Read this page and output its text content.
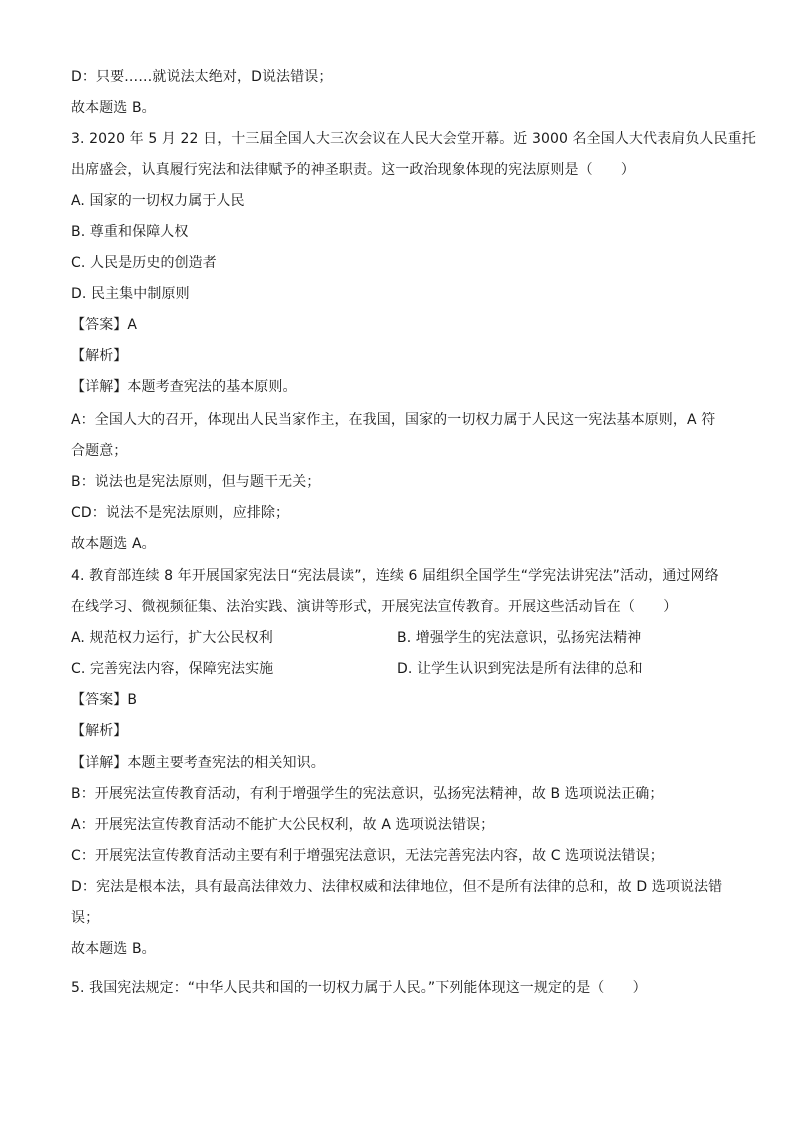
D：只要……就说法太绝对，D说法错误；
故本题选 B。
3. 2020 年 5 月 22 日，十三届全国人大三次会议在人民大会堂开幕。近 3000 名全国人大代表肩负人民重托
出席盛会，认真履行宪法和法律赋予的神圣职责。这一政治现象体现的宪法原则是（　　）
A. 国家的一切权力属于人民
B. 尊重和保障人权
C. 人民是历史的创造者
D. 民主集中制原则
【答案】A
【解析】
【详解】本题考查宪法的基本原则。
A：全国人大的召开，体现出人民当家作主，在我国，国家的一切权力属于人民这一宪法基本原则，A 符
合题意；
B：说法也是宪法原则，但与题干无关；
CD：说法不是宪法原则，应排除；
故本题选 A。
4. 教育部连续 8 年开展国家宪法日“宪法晨读”，连续 6 届组织全国学生“学宪法讲宪法”活动，通过网络
在线学习、微视频征集、法治实践、演讲等形式，开展宪法宣传教育。开展这些活动旨在（　　）
A. 规范权力运行，扩大公民权利	B. 增强学生的宪法意识，弘扬宪法精神
C. 完善宪法内容，保障宪法实施	D. 让学生认识到宪法是所有法律的总和
【答案】B
【解析】
【详解】本题主要考查宪法的相关知识。
B：开展宪法宣传教育活动，有利于增强学生的宪法意识，弘扬宪法精神，故 B 选项说法正确；
A：开展宪法宣传教育活动不能扩大公民权利，故 A 选项说法错误；
C：开展宪法宣传教育活动主要有利于增强宪法意识，无法完善宪法内容，故 C 选项说法错误；
D：宪法是根本法，具有最高法律效力、法律权威和法律地位，但不是所有法律的总和，故 D 选项说法错
误；
故本题选 B。
5. 我国宪法规定：“中华人民共和国的一切权力属于人民。”下列能体现这一规定的是（　　）
